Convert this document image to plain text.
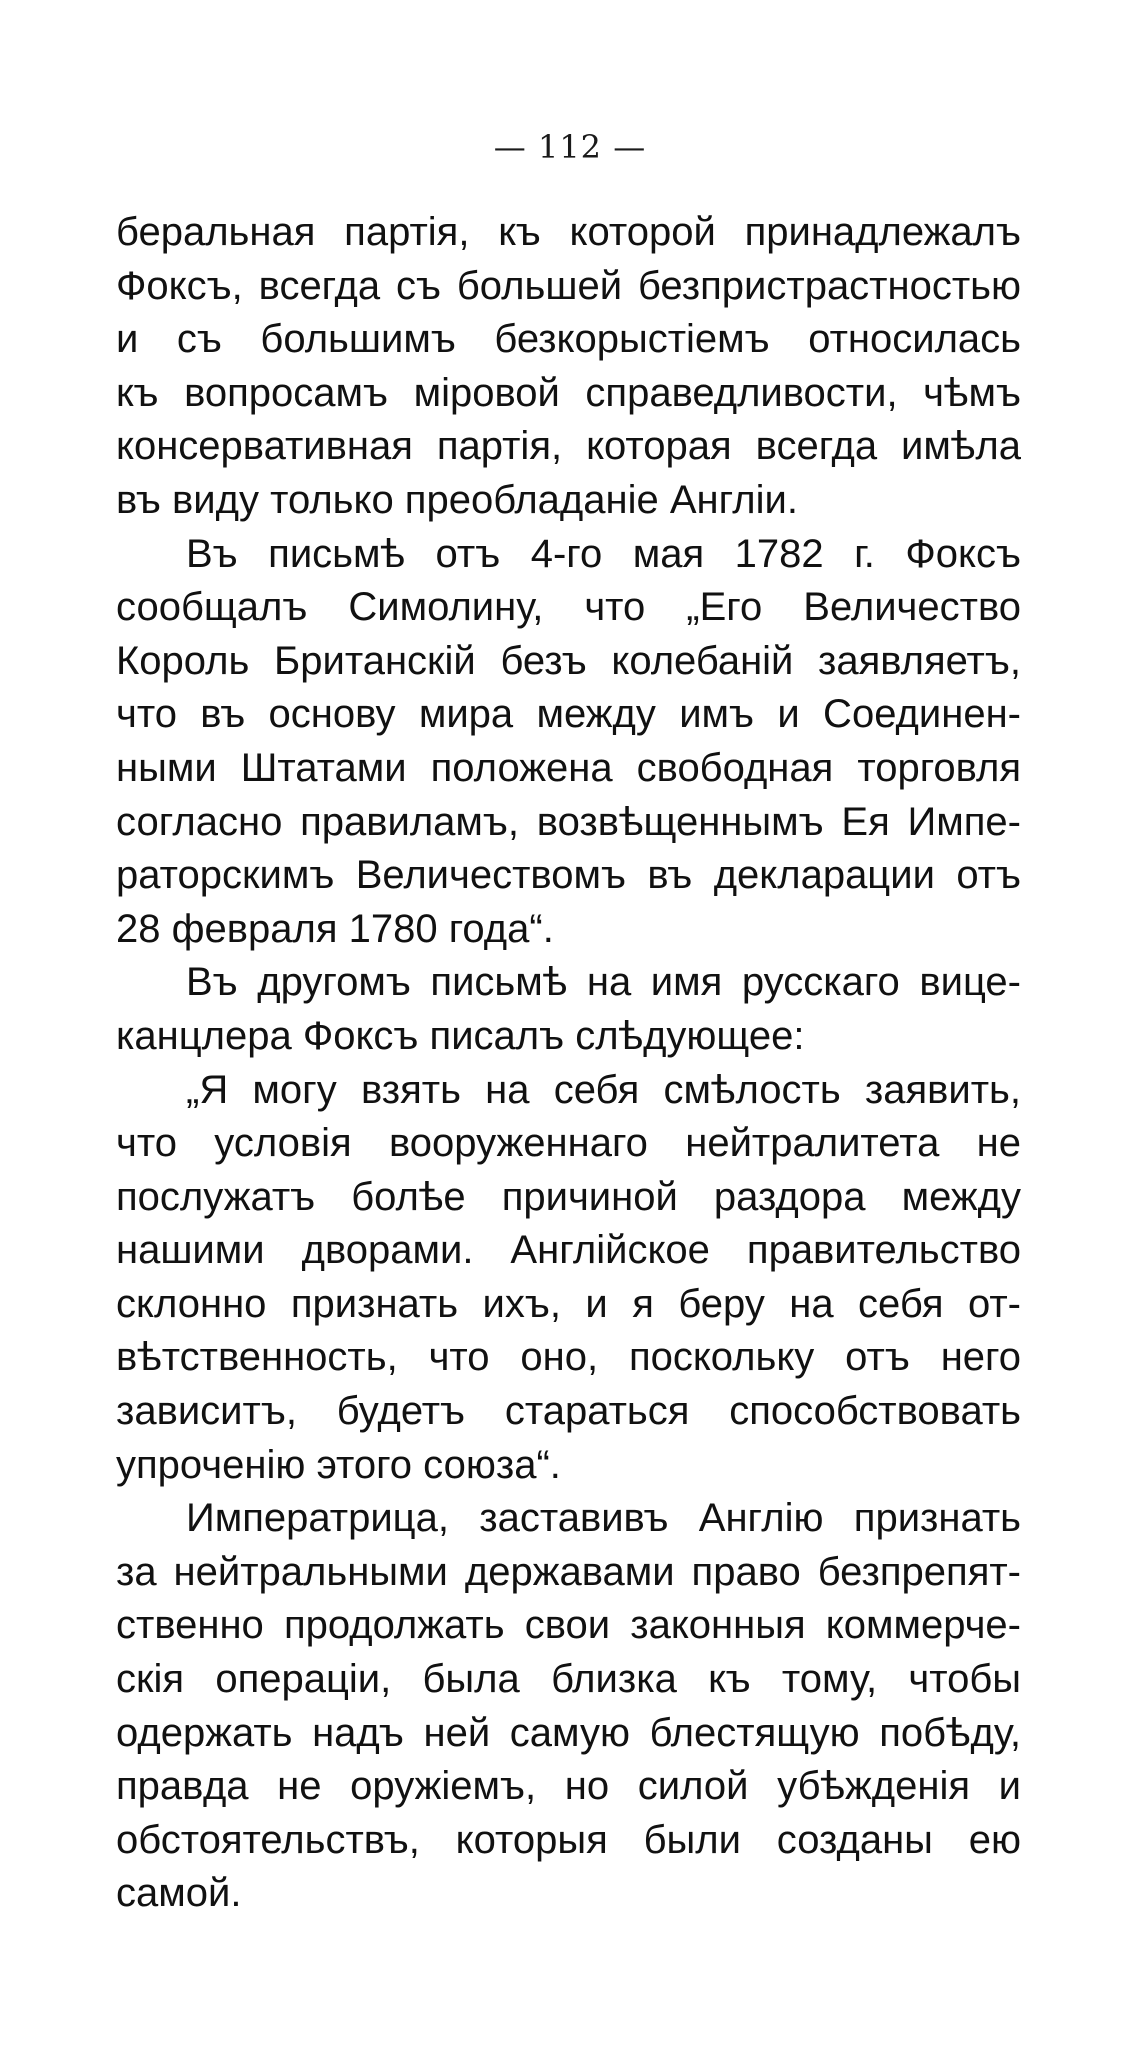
— 112 —
беральная партія, къ которой принадлежалъ
Фоксъ, всегда съ большей безпристрастностью
и съ большимъ безкорыстіемъ относилась
къ вопросамъ міровой справедливости, чѣмъ
консервативная партія, которая всегда имѣла
въ виду только преобладаніе Англіи.
Въ письмѣ отъ 4-го мая 1782 г. Фоксъ
сообщалъ Симолину, что „Его Величество
Король Британскій безъ колебаній заявляетъ,
что въ основу мира между имъ и Соединен-
ными Штатами положена свободная торговля
согласно правиламъ, возвѣщеннымъ Ея Импе-
раторскимъ Величествомъ въ декларации отъ
28 февраля 1780 года“.
Въ другомъ письмѣ на имя русскаго вице-
канцлера Фоксъ писалъ слѣдующее:
„Я могу взять на себя смѣлость заявить,
что условія вооруженнаго нейтралитета не
послужатъ болѣе причиной раздора между
нашими дворами. Англійское правительство
склонно признать ихъ, и я беру на себя от-
вѣтственность, что оно, поскольку отъ него
зависитъ, будетъ стараться способствовать
упроченію этого союза“.
Императрица, заставивъ Англію признать
за нейтральными державами право безпрепят-
ственно продолжать свои законныя коммерче-
скія операціи, была близка къ тому, чтобы
одержать надъ ней самую блестящую побѣду,
правда не оружіемъ, но силой убѣжденія и
обстоятельствъ, которыя были созданы ею
самой.
